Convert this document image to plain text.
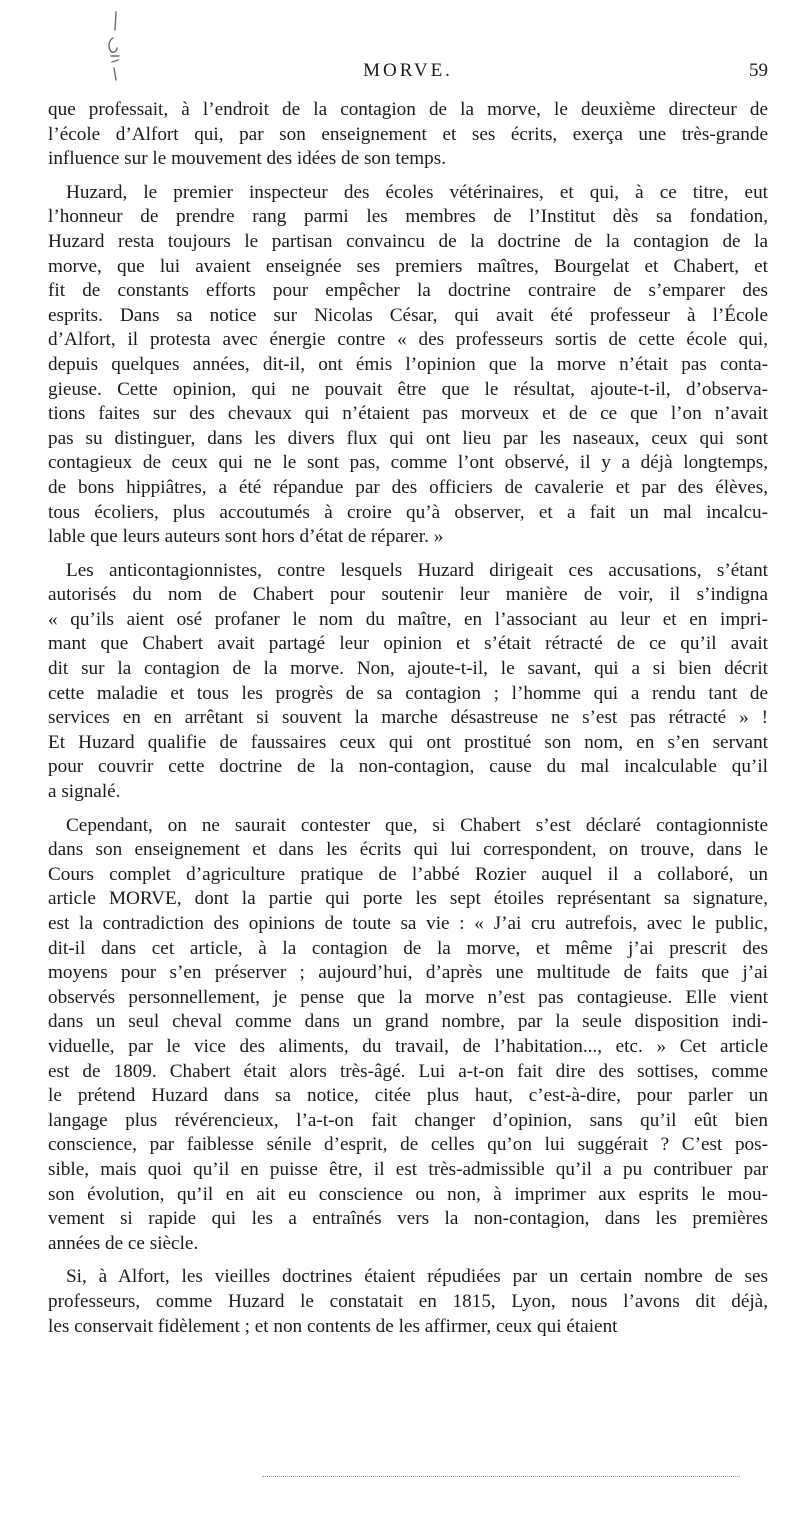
MORVE.	59
que professait, à l’endroit de la contagion de la morve, le deuxième directeur de
l’école d’Alfort qui, par son enseignement et ses écrits, exerça une très-grande
influence sur le mouvement des idées de son temps.
Huzard, le premier inspecteur des écoles vétérinaires, et qui, à ce titre, eut
l’honneur de prendre rang parmi les membres de l’Institut dès sa fondation,
Huzard resta toujours le partisan convaincu de la doctrine de la contagion de la
morve, que lui avaient enseignée ses premiers maîtres, Bourgelat et Chabert, et
fit de constants efforts pour empêcher la doctrine contraire de s’emparer des
esprits. Dans sa notice sur Nicolas César, qui avait été professeur à l’École
d’Alfort, il protesta avec énergie contre « des professeurs sortis de cette école qui,
depuis quelques années, dit-il, ont émis l’opinion que la morve n’était pas conta-
gieuse. Cette opinion, qui ne pouvait être que le résultat, ajoute-t-il, d’observa-
tions faites sur des chevaux qui n’étaient pas morveux et de ce que l’on n’avait
pas su distinguer, dans les divers flux qui ont lieu par les naseaux, ceux qui sont
contagieux de ceux qui ne le sont pas, comme l’ont observé, il y a déjà longtemps,
de bons hippiâtres, a été répandue par des officiers de cavalerie et par des élèves,
tous écoliers, plus accoutumés à croire qu’à observer, et a fait un mal incalcu-
lable que leurs auteurs sont hors d’état de réparer. »
Les anticontagionnistes, contre lesquels Huzard dirigeait ces accusations, s’étant
autorisés du nom de Chabert pour soutenir leur manière de voir, il s’indigna
« qu’ils aient osé profaner le nom du maître, en l’associant au leur et en impri-
mant que Chabert avait partagé leur opinion et s’était rétracté de ce qu’il avait
dit sur la contagion de la morve. Non, ajoute-t-il, le savant, qui a si bien décrit
cette maladie et tous les progrès de sa contagion ; l’homme qui a rendu tant de
services en en arrêtant si souvent la marche désastreuse ne s’est pas rétracté » !
Et Huzard qualifie de faussaires ceux qui ont prostitué son nom, en s’en servant
pour couvrir cette doctrine de la non-contagion, cause du mal incalculable qu’il
a signalé.
Cependant, on ne saurait contester que, si Chabert s’est déclaré contagionniste
dans son enseignement et dans les écrits qui lui correspondent, on trouve, dans le
Cours complet d’agriculture pratique de l’abbé Rozier auquel il a collaboré, un
article MORVE, dont la partie qui porte les sept étoiles représentant sa signature,
est la contradiction des opinions de toute sa vie : « J’ai cru autrefois, avec le public,
dit-il dans cet article, à la contagion de la morve, et même j’ai prescrit des
moyens pour s’en préserver ; aujourd’hui, d’après une multitude de faits que j’ai
observés personnellement, je pense que la morve n’est pas contagieuse. Elle vient
dans un seul cheval comme dans un grand nombre, par la seule disposition indi-
viduelle, par le vice des aliments, du travail, de l’habitation..., etc. » Cet article
est de 1809. Chabert était alors très-âgé. Lui a-t-on fait dire des sottises, comme
le prétend Huzard dans sa notice, citée plus haut, c’est-à-dire, pour parler un
langage plus révérencieux, l’a-t-on fait changer d’opinion, sans qu’il eût bien
conscience, par faiblesse sénile d’esprit, de celles qu’on lui suggérait ? C’est pos-
sible, mais quoi qu’il en puisse être, il est très-admissible qu’il a pu contribuer par
son évolution, qu’il en ait eu conscience ou non, à imprimer aux esprits le mou-
vement si rapide qui les a entraînés vers la non-contagion, dans les premières
années de ce siècle.
Si, à Alfort, les vieilles doctrines étaient répudiées par un certain nombre de ses
professeurs, comme Huzard le constatait en 1815, Lyon, nous l’avons dit déjà,
les conservait fidèlement ; et non contents de les affirmer, ceux qui étaient
